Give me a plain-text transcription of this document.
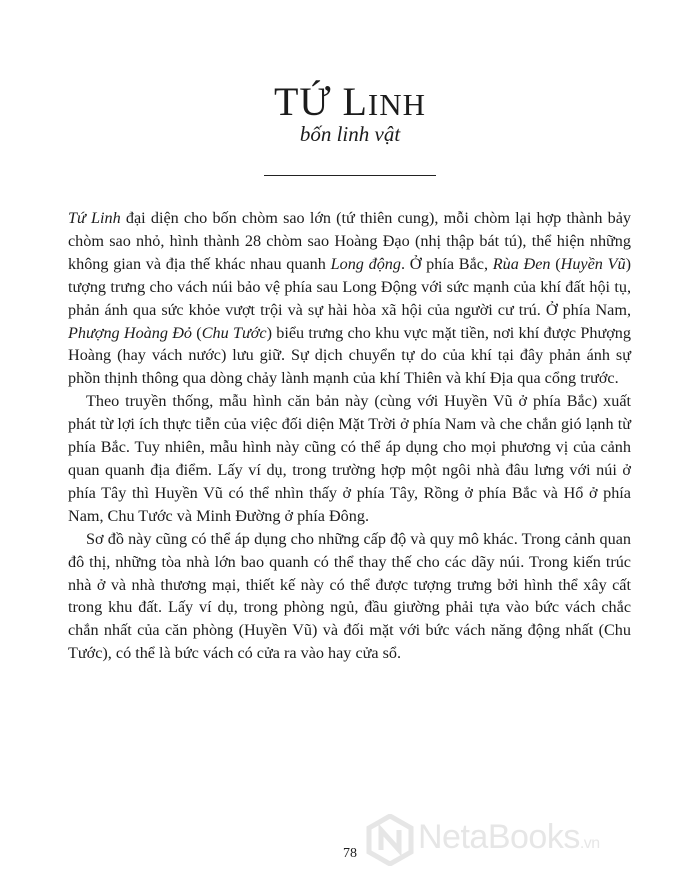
TỨ LINH
bốn linh vật

Tứ Linh đại diện cho bốn chòm sao lớn (tứ thiên cung), mỗi chòm lại hợp thành bảy chòm sao nhỏ, hình thành 28 chòm sao Hoàng Đạo (nhị thập bát tú), thể hiện những không gian và địa thế khác nhau quanh Long động. Ở phía Bắc, Rùa Đen (Huyền Vũ) tượng trưng cho vách núi bảo vệ phía sau Long Động với sức mạnh của khí đất hội tụ, phản ánh qua sức khỏe vượt trội và sự hài hòa xã hội của người cư trú. Ở phía Nam, Phượng Hoàng Đỏ (Chu Tước) biểu trưng cho khu vực mặt tiền, nơi khí được Phượng Hoàng (hay vách nước) lưu giữ. Sự dịch chuyển tự do của khí tại đây phản ánh sự phồn thịnh thông qua dòng chảy lành mạnh của khí Thiên và khí Địa qua cổng trước.

Theo truyền thống, mẫu hình căn bản này (cùng với Huyền Vũ ở phía Bắc) xuất phát từ lợi ích thực tiễn của việc đối diện Mặt Trời ở phía Nam và che chắn gió lạnh từ phía Bắc. Tuy nhiên, mẫu hình này cũng có thể áp dụng cho mọi phương vị của cảnh quan quanh địa điểm. Lấy ví dụ, trong trường hợp một ngôi nhà đâu lưng với núi ở phía Tây thì Huyền Vũ có thể nhìn thấy ở phía Tây, Rồng ở phía Bắc và Hổ ở phía Nam, Chu Tước và Minh Đường ở phía Đông.

Sơ đồ này cũng có thể áp dụng cho những cấp độ và quy mô khác. Trong cảnh quan đô thị, những tòa nhà lớn bao quanh có thể thay thế cho các dãy núi. Trong kiến trúc nhà ở và nhà thương mại, thiết kế này có thể được tượng trưng bởi hình thể xây cất trong khu đất. Lấy ví dụ, trong phòng ngủ, đầu giường phải tựa vào bức vách chắc chắn nhất của căn phòng (Huyền Vũ) và đối mặt với bức vách năng động nhất (Chu Tước), có thể là bức vách có cửa ra vào hay cửa sổ.

78	NetaBooks.vn
